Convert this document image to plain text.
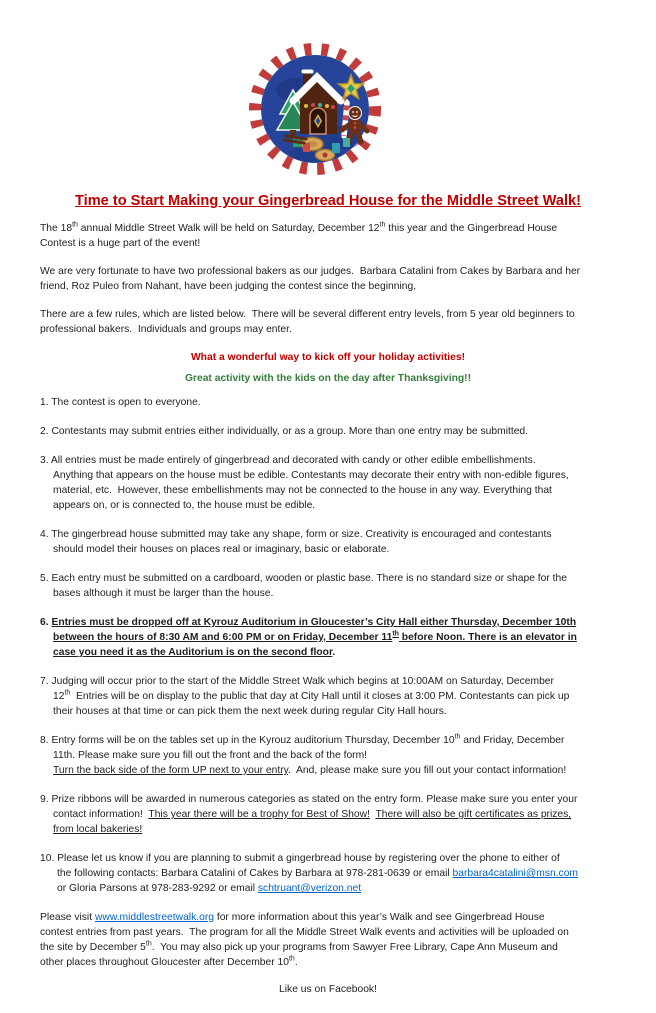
Time to Start Making your Gingerbread House for the Middle Street Walk!

The 18th annual Middle Street Walk will be held on Saturday, December 12th this year and the Gingerbread House
Contest is a huge part of the event!

We are very fortunate to have two professional bakers as our judges.  Barbara Catalini from Cakes by Barbara and her
friend, Roz Puleo from Nahant, have been judging the contest since the beginning,

There are a few rules, which are listed below.  There will be several different entry levels, from 5 year old beginners to
professional bakers.  Individuals and groups may enter.

What a wonderful way to kick off your holiday activities!

Great activity with the kids on the day after Thanksgiving!!

1. The contest is open to everyone.

2. Contestants may submit entries either individually, or as a group. More than one entry may be submitted.

3. All entries must be made entirely of gingerbread and decorated with candy or other edible embellishments.
Anything that appears on the house must be edible. Contestants may decorate their entry with non-edible figures,
material, etc.  However, these embellishments may not be connected to the house in any way. Everything that
appears on, or is connected to, the house must be edible.

4. The gingerbread house submitted may take any shape, form or size. Creativity is encouraged and contestants
should model their houses on places real or imaginary, basic or elaborate.

5. Each entry must be submitted on a cardboard, wooden or plastic base. There is no standard size or shape for the
bases although it must be larger than the house.

6. Entries must be dropped off at Kyrouz Auditorium in Gloucester’s City Hall either Thursday, December 10th
between the hours of 8:30 AM and 6:00 PM or on Friday, December 11th before Noon. There is an elevator in
case you need it as the Auditorium is on the second floor.

7. Judging will occur prior to the start of the Middle Street Walk which begins at 10:00AM on Saturday, December
12th  Entries will be on display to the public that day at City Hall until it closes at 3:00 PM. Contestants can pick up
their houses at that time or can pick them the next week during regular City Hall hours.

8. Entry forms will be on the tables set up in the Kyrouz auditorium Thursday, December 10th and Friday, December
11th. Please make sure you fill out the front and the back of the form!
Turn the back side of the form UP next to your entry.  And, please make sure you fill out your contact information!

9. Prize ribbons will be awarded in numerous categories as stated on the entry form. Please make sure you enter your
contact information!  This year there will be a trophy for Best of Show! There will also be gift certificates as prizes,
from local bakeries!

10. Please let us know if you are planning to submit a gingerbread house by registering over the phone to either of
the following contacts: Barbara Catalini of Cakes by Barbara at 978-281-0639 or email barbara4catalini@msn.com
or Gloria Parsons at 978-283-9292 or email schtruant@verizon.net

Please visit www.middlestreetwalk.org for more information about this year’s Walk and see Gingerbread House
contest entries from past years.  The program for all the Middle Street Walk events and activities will be uploaded on
the site by December 5th.  You may also pick up your programs from Sawyer Free Library, Cape Ann Museum and
other places throughout Gloucester after December 10th.

Like us on Facebook!
